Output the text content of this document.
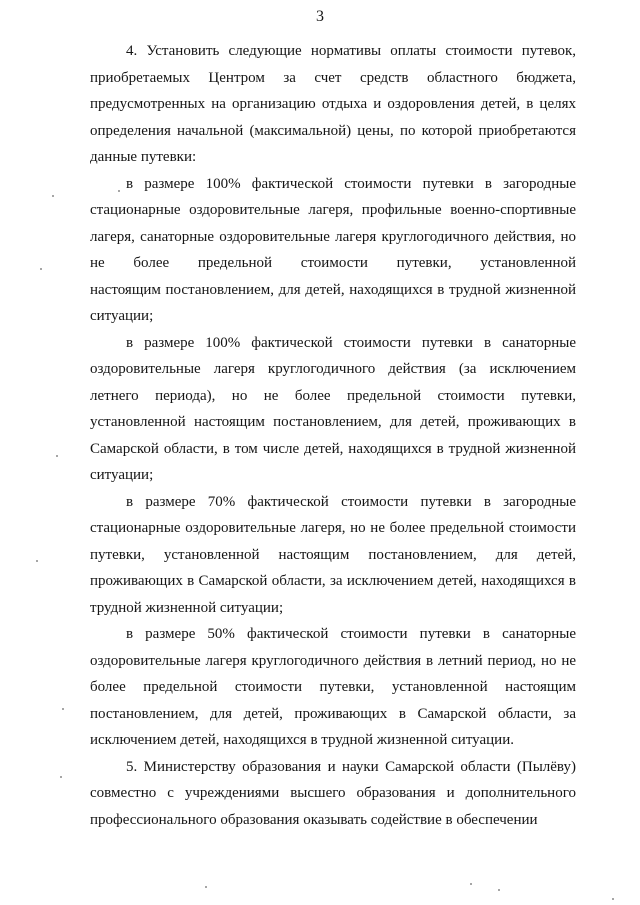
3

4. Установить следующие нормативы оплаты стоимости путевок, приобретаемых Центром за счет средств областного бюджета, предусмотренных на организацию отдыха и оздоровления детей, в целях определения начальной (максимальной) цены, по которой приобретаются данные путевки:

в размере 100% фактической стоимости путевки в загородные стационарные оздоровительные лагеря, профильные военно-спортивные лагеря, санаторные оздоровительные лагеря круглогодичного действия, но не более предельной стоимости путевки, установленной

настоящим постановлением, для детей, находящихся в трудной жизненной ситуации;

в размере 100% фактической стоимости путевки в санаторные оздоровительные лагеря круглогодичного действия (за исключением летнего периода), но не более предельной стоимости путевки, установленной настоящим постановлением, для детей, проживающих в Самарской области, в том числе детей, находящихся в трудной жизненной ситуации;

в размере 70% фактической стоимости путевки в загородные стационарные оздоровительные лагеря, но не более предельной стоимости путевки, установленной настоящим постановлением, для детей,

проживающих в Самарской области, за исключением детей, находящихся в трудной жизненной ситуации;

в размере 50% фактической стоимости путевки в санаторные оздоровительные лагеря круглогодичного действия в летний период, но не более предельной стоимости путевки, установленной настоящим

постановлением, для детей, проживающих в Самарской области, за исключением детей, находящихся в трудной жизненной ситуации.

5. Министерству образования и науки Самарской области (Пылёву) совместно с учреждениями высшего образования и дополнительного профессионального образования оказывать содействие в обеспечении
